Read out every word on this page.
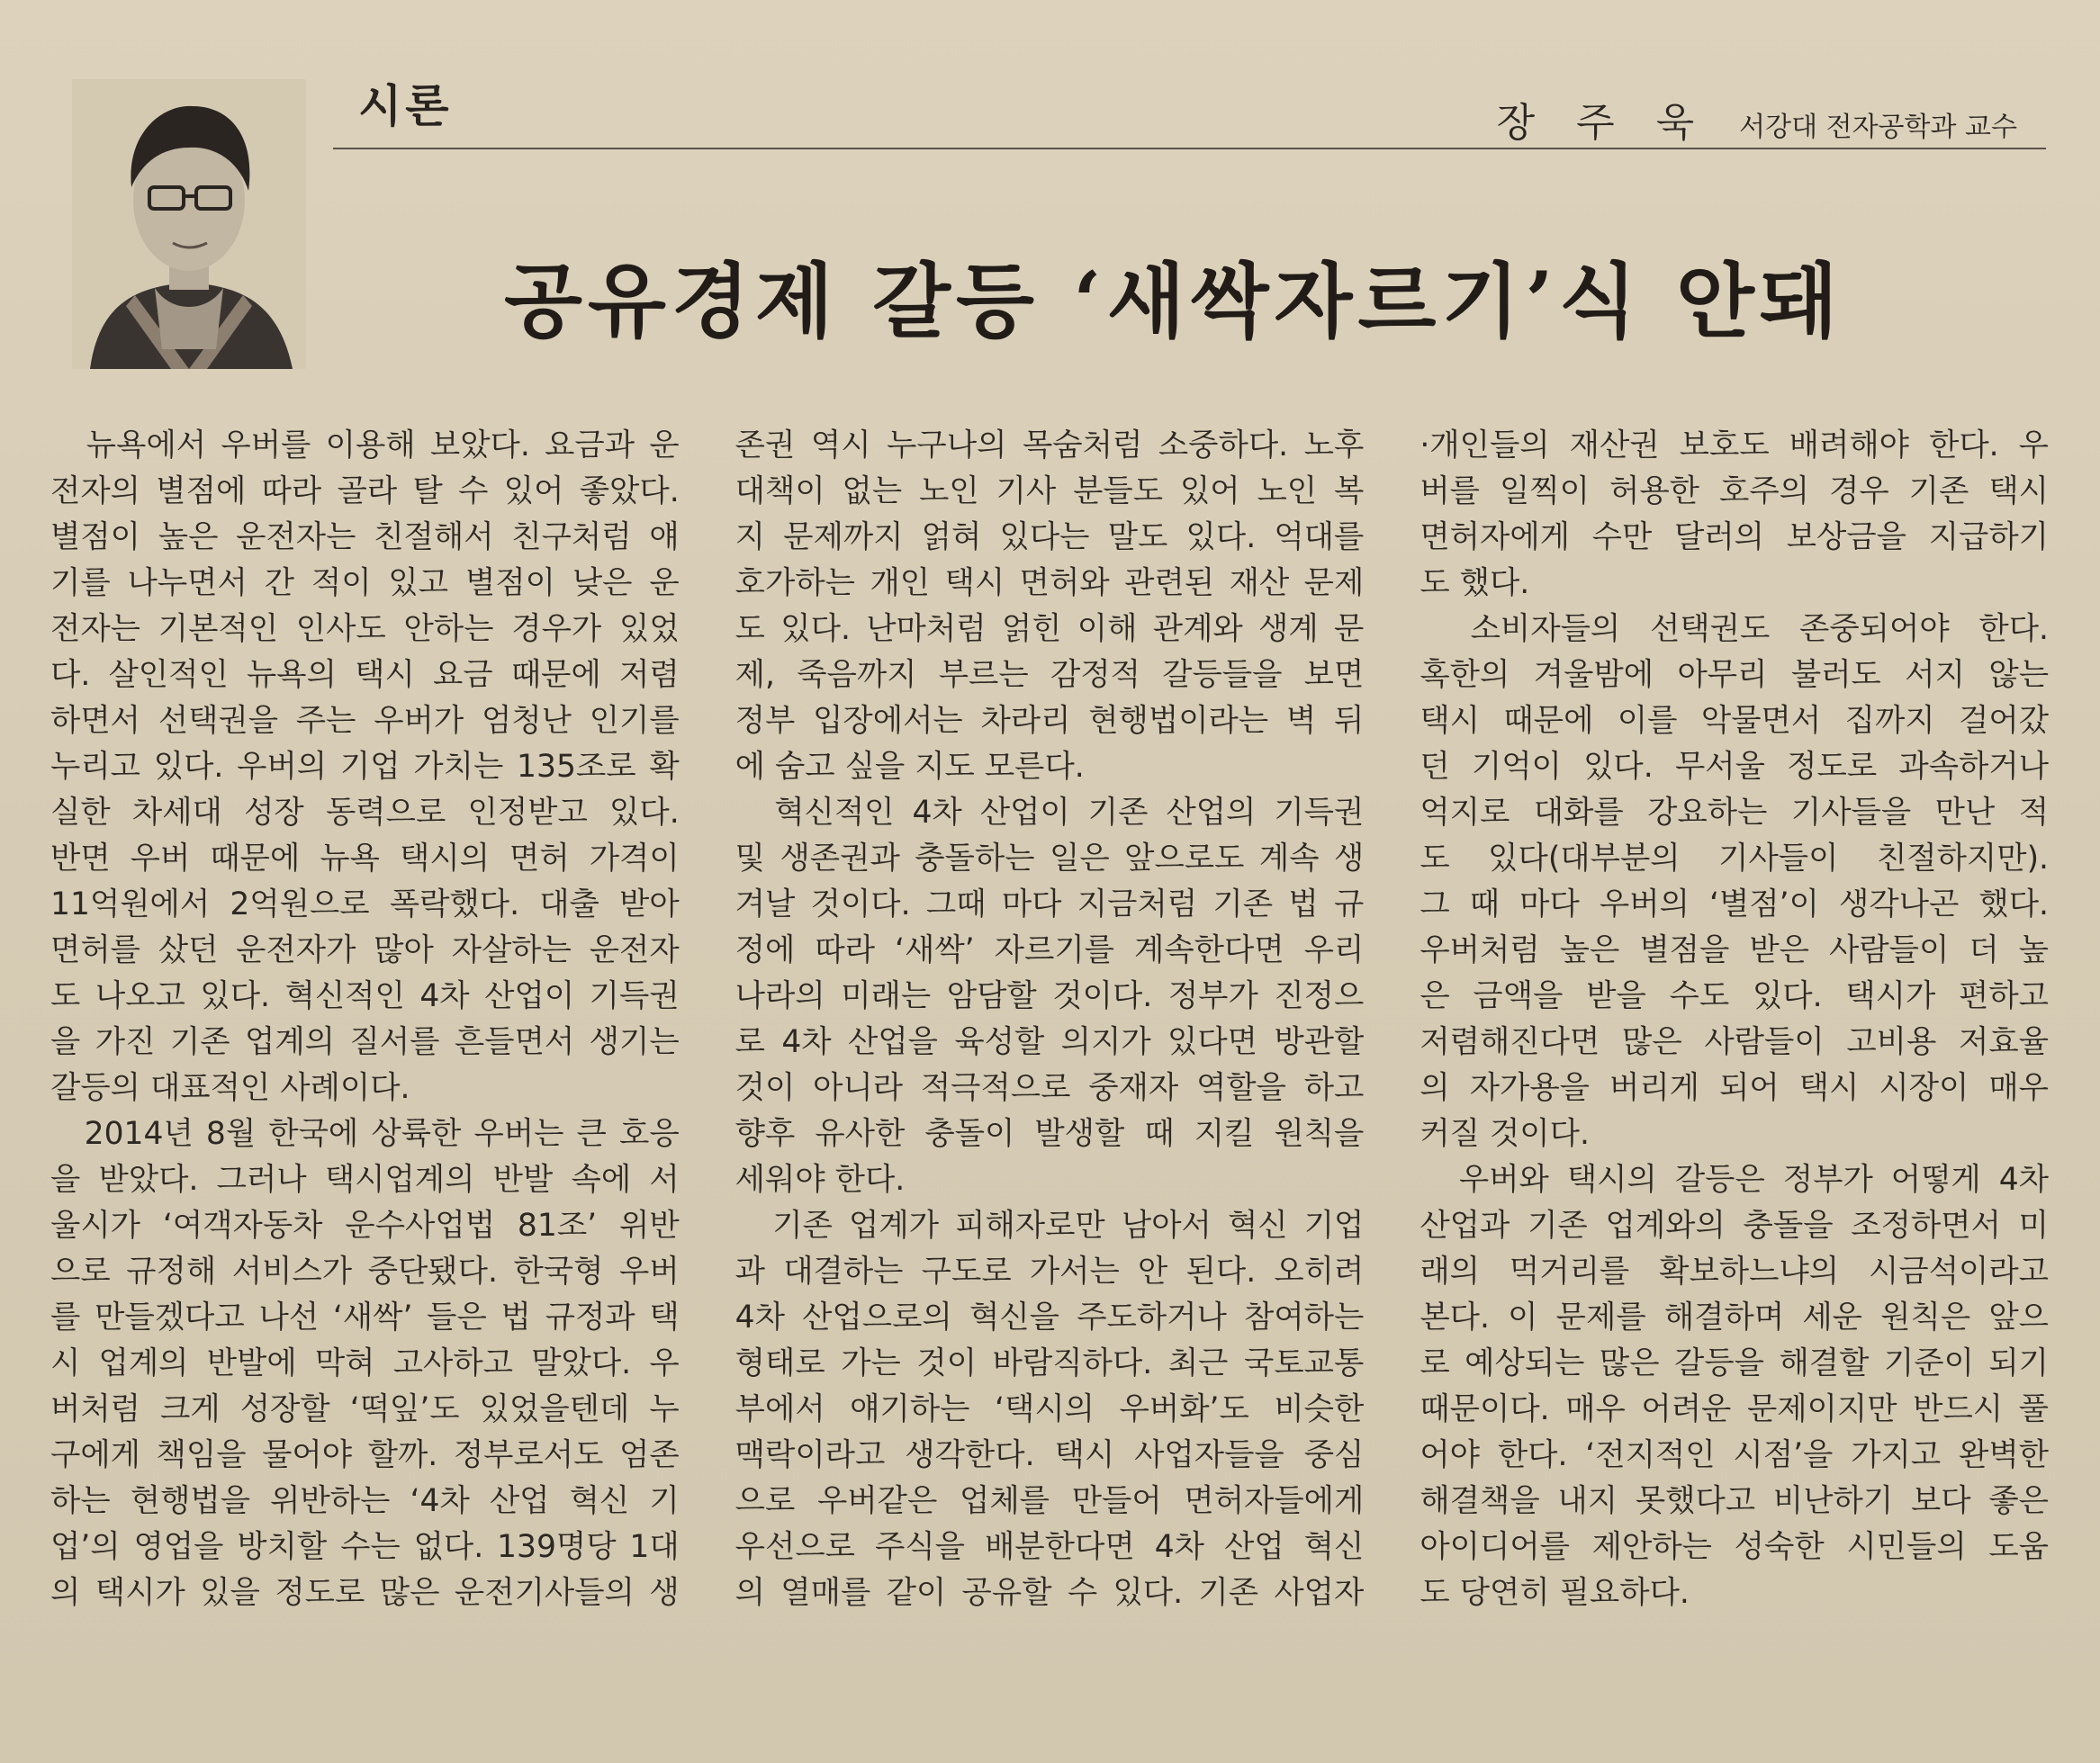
시론	장 주 욱 서강대 전자공학과 교수
공유경제 갈등 ‘새싹자르기’식 안돼
　뉴욕에서 우버를 이용해 보았다. 요금과 운
전자의 별점에 따라 골라 탈 수 있어 좋았다.
별점이 높은 운전자는 친절해서 친구처럼 얘
기를 나누면서 간 적이 있고 별점이 낮은 운
전자는 기본적인 인사도 안하는 경우가 있었
다. 살인적인 뉴욕의 택시 요금 때문에 저렴
하면서 선택권을 주는 우버가 엄청난 인기를
누리고 있다. 우버의 기업 가치는 135조로 확
실한 차세대 성장 동력으로 인정받고 있다.
반면 우버 때문에 뉴욕 택시의 면허 가격이
11억원에서 2억원으로 폭락했다. 대출 받아
면허를 샀던 운전자가 많아 자살하는 운전자
도 나오고 있다. 혁신적인 4차 산업이 기득권
을 가진 기존 업계의 질서를 흔들면서 생기는
갈등의 대표적인 사례이다.
　2014년 8월 한국에 상륙한 우버는 큰 호응
을 받았다. 그러나 택시업계의 반발 속에 서
울시가 ‘여객자동차 운수사업법 81조’ 위반
으로 규정해 서비스가 중단됐다. 한국형 우버
를 만들겠다고 나선 ‘새싹’ 들은 법 규정과 택
시 업계의 반발에 막혀 고사하고 말았다. 우
버처럼 크게 성장할 ‘떡잎’도 있었을텐데 누
구에게 책임을 물어야 할까. 정부로서도 엄존
하는 현행법을 위반하는 ‘4차 산업 혁신 기
업’의 영업을 방치할 수는 없다. 139명당 1대
의 택시가 있을 정도로 많은 운전기사들의 생
존권 역시 누구나의 목숨처럼 소중하다. 노후
대책이 없는 노인 기사 분들도 있어 노인 복
지 문제까지 얽혀 있다는 말도 있다. 억대를
호가하는 개인 택시 면허와 관련된 재산 문제
도 있다. 난마처럼 얽힌 이해 관계와 생계 문
제, 죽음까지 부르는 감정적 갈등들을 보면
정부 입장에서는 차라리 현행법이라는 벽 뒤
에 숨고 싶을 지도 모른다.
　혁신적인 4차 산업이 기존 산업의 기득권
및 생존권과 충돌하는 일은 앞으로도 계속 생
겨날 것이다. 그때 마다 지금처럼 기존 법 규
정에 따라 ‘새싹’ 자르기를 계속한다면 우리
나라의 미래는 암담할 것이다. 정부가 진정으
로 4차 산업을 육성할 의지가 있다면 방관할
것이 아니라 적극적으로 중재자 역할을 하고
향후 유사한 충돌이 발생할 때 지킬 원칙을
세워야 한다.
　기존 업계가 피해자로만 남아서 혁신 기업
과 대결하는 구도로 가서는 안 된다. 오히려
4차 산업으로의 혁신을 주도하거나 참여하는
형태로 가는 것이 바람직하다. 최근 국토교통
부에서 얘기하는 ‘택시의 우버화’도 비슷한
맥락이라고 생각한다. 택시 사업자들을 중심
으로 우버같은 업체를 만들어 면허자들에게
우선으로 주식을 배분한다면 4차 산업 혁신
의 열매를 같이 공유할 수 있다. 기존 사업자
·개인들의 재산권 보호도 배려해야 한다. 우
버를 일찍이 허용한 호주의 경우 기존 택시
면허자에게 수만 달러의 보상금을 지급하기
도 했다.
　소비자들의 선택권도 존중되어야 한다.
혹한의 겨울밤에 아무리 불러도 서지 않는
택시 때문에 이를 악물면서 집까지 걸어갔
던 기억이 있다. 무서울 정도로 과속하거나
억지로 대화를 강요하는 기사들을 만난 적
도 있다(대부분의 기사들이 친절하지만).
그 때 마다 우버의 ‘별점’이 생각나곤 했다.
우버처럼 높은 별점을 받은 사람들이 더 높
은 금액을 받을 수도 있다. 택시가 편하고
저렴해진다면 많은 사람들이 고비용 저효율
의 자가용을 버리게 되어 택시 시장이 매우
커질 것이다.
　우버와 택시의 갈등은 정부가 어떻게 4차
산업과 기존 업계와의 충돌을 조정하면서 미
래의 먹거리를 확보하느냐의 시금석이라고
본다. 이 문제를 해결하며 세운 원칙은 앞으
로 예상되는 많은 갈등을 해결할 기준이 되기
때문이다. 매우 어려운 문제이지만 반드시 풀
어야 한다. ‘전지적인 시점’을 가지고 완벽한
해결책을 내지 못했다고 비난하기 보다 좋은
아이디어를 제안하는 성숙한 시민들의 도움
도 당연히 필요하다.
